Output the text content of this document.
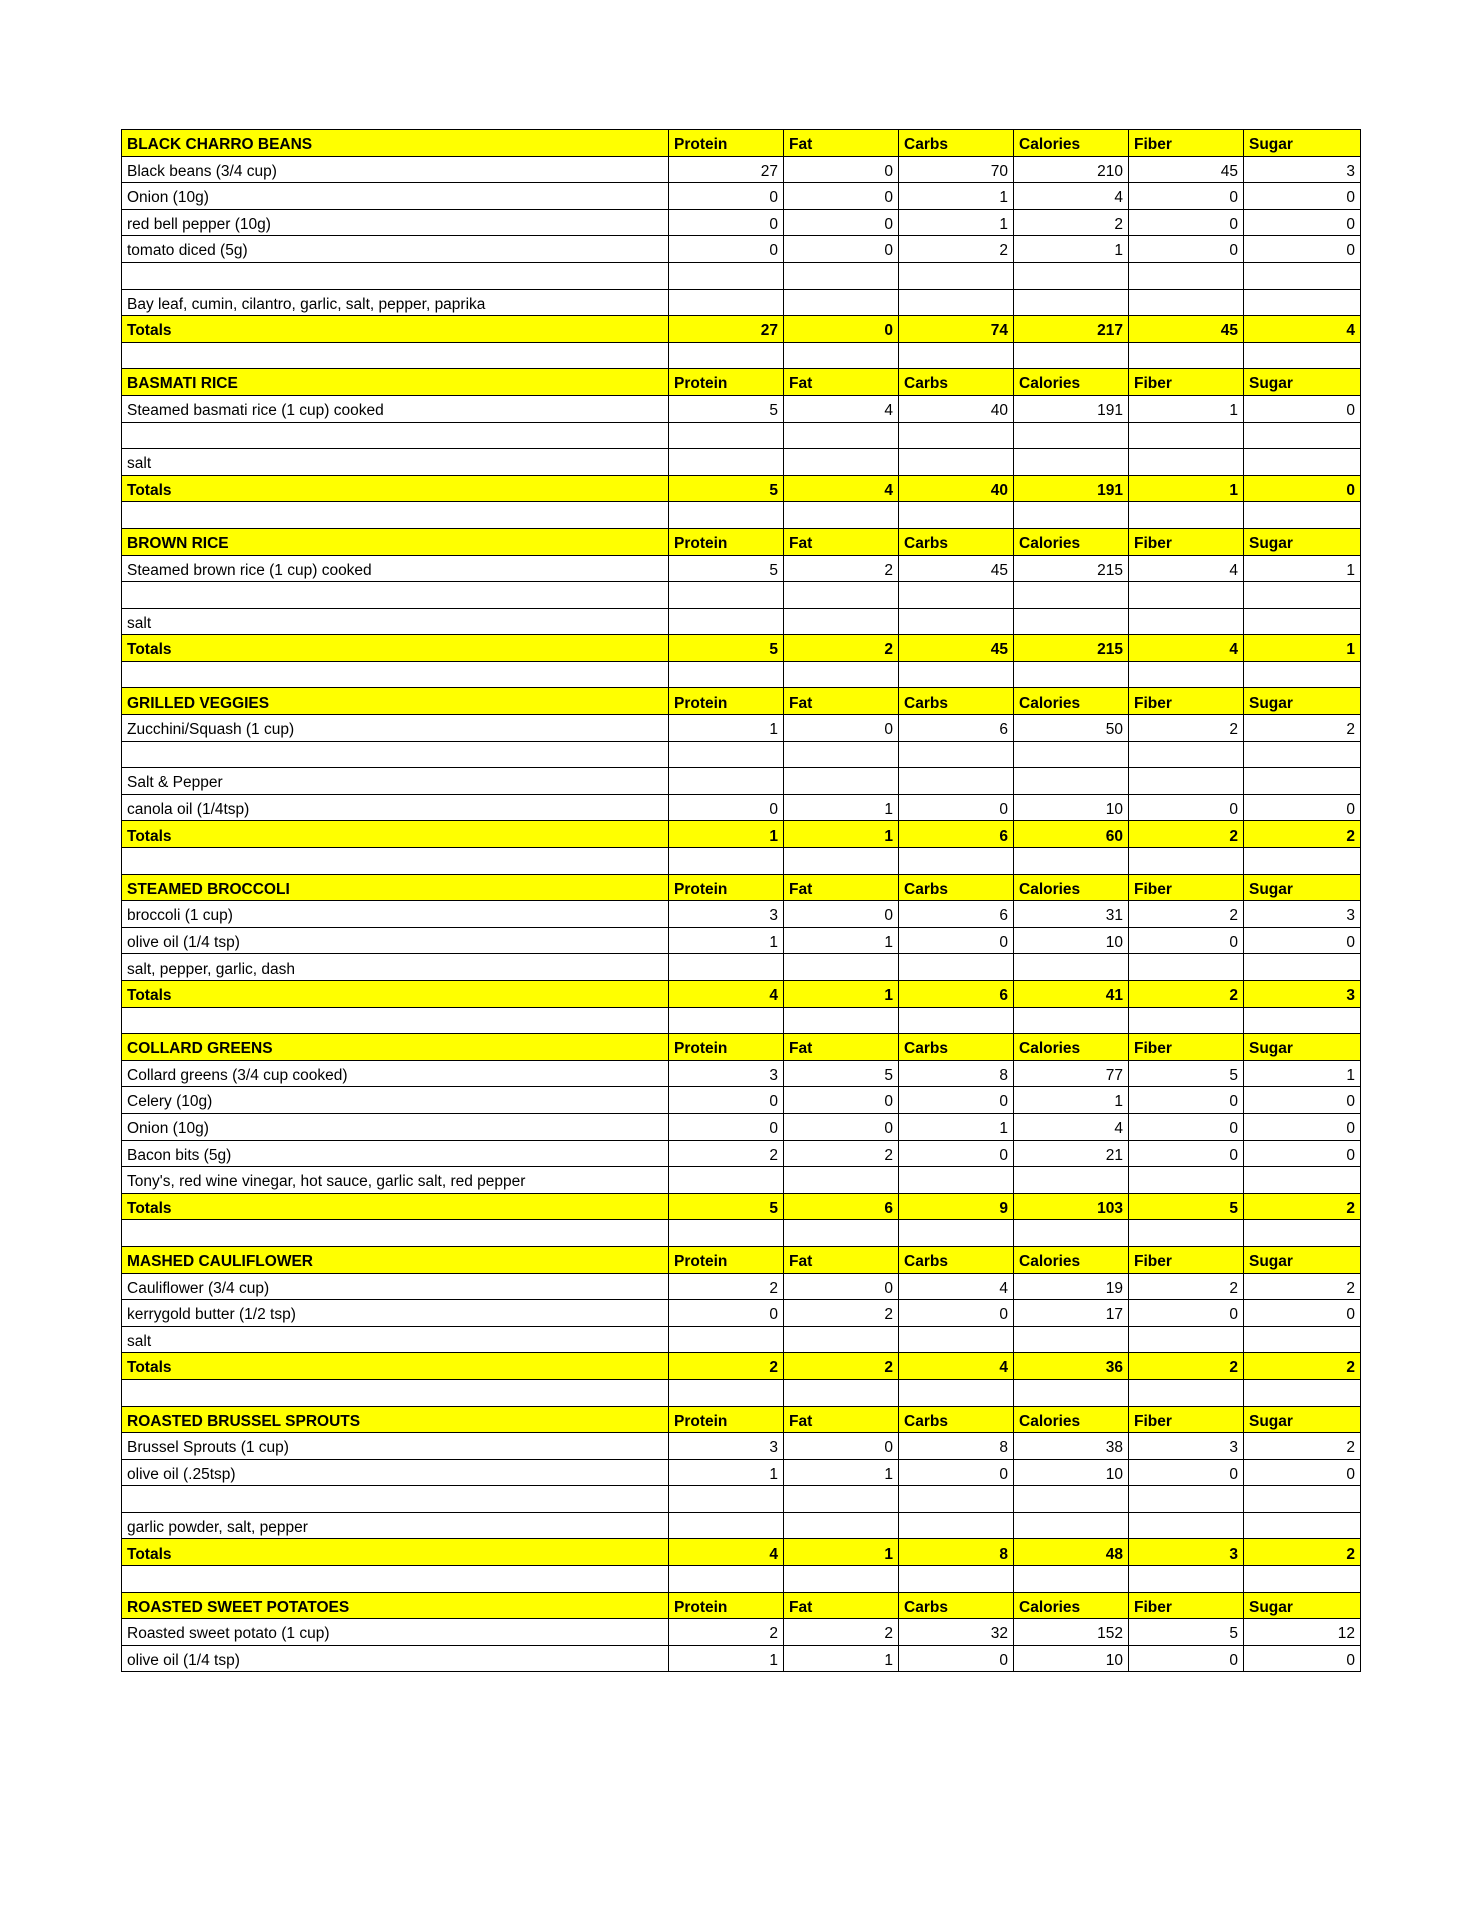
BLACK CHARRO BEANS	Protein	Fat	Carbs	Calories	Fiber	Sugar
Black beans (3/4 cup)	27	0	70	210	45	3
Onion (10g)	0	0	1	4	0	0
red bell pepper (10g)	0	0	1	2	0	0
tomato diced (5g)	0	0	2	1	0	0

Bay leaf, cumin, cilantro, garlic, salt, pepper, paprika						
Totals	27	0	74	217	45	4

BASMATI RICE	Protein	Fat	Carbs	Calories	Fiber	Sugar
Steamed basmati rice (1 cup) cooked	5	4	40	191	1	0

salt						
Totals	5	4	40	191	1	0

BROWN RICE	Protein	Fat	Carbs	Calories	Fiber	Sugar
Steamed brown rice (1 cup) cooked	5	2	45	215	4	1

salt						
Totals	5	2	45	215	4	1

GRILLED VEGGIES	Protein	Fat	Carbs	Calories	Fiber	Sugar
Zucchini/Squash (1 cup)	1	0	6	50	2	2

Salt & Pepper						
canola oil (1/4tsp)	0	1	0	10	0	0
Totals	1	1	6	60	2	2

STEAMED BROCCOLI	Protein	Fat	Carbs	Calories	Fiber	Sugar
broccoli (1 cup)	3	0	6	31	2	3
olive oil (1/4 tsp)	1	1	0	10	0	0
salt, pepper, garlic, dash						
Totals	4	1	6	41	2	3

COLLARD GREENS	Protein	Fat	Carbs	Calories	Fiber	Sugar
Collard greens (3/4 cup cooked)	3	5	8	77	5	1
Celery (10g)	0	0	0	1	0	0
Onion (10g)	0	0	1	4	0	0
Bacon bits (5g)	2	2	0	21	0	0
Tony's, red wine vinegar, hot sauce, garlic salt, red pepper						
Totals	5	6	9	103	5	2

MASHED CAULIFLOWER	Protein	Fat	Carbs	Calories	Fiber	Sugar
Cauliflower (3/4 cup)	2	0	4	19	2	2
kerrygold butter (1/2 tsp)	0	2	0	17	0	0
salt						
Totals	2	2	4	36	2	2

ROASTED BRUSSEL SPROUTS	Protein	Fat	Carbs	Calories	Fiber	Sugar
Brussel Sprouts (1 cup)	3	0	8	38	3	2
olive oil (.25tsp)	1	1	0	10	0	0

garlic powder, salt, pepper						
Totals	4	1	8	48	3	2

ROASTED SWEET POTATOES	Protein	Fat	Carbs	Calories	Fiber	Sugar
Roasted sweet potato (1 cup)	2	2	32	152	5	12
olive oil (1/4 tsp)	1	1	0	10	0	0
